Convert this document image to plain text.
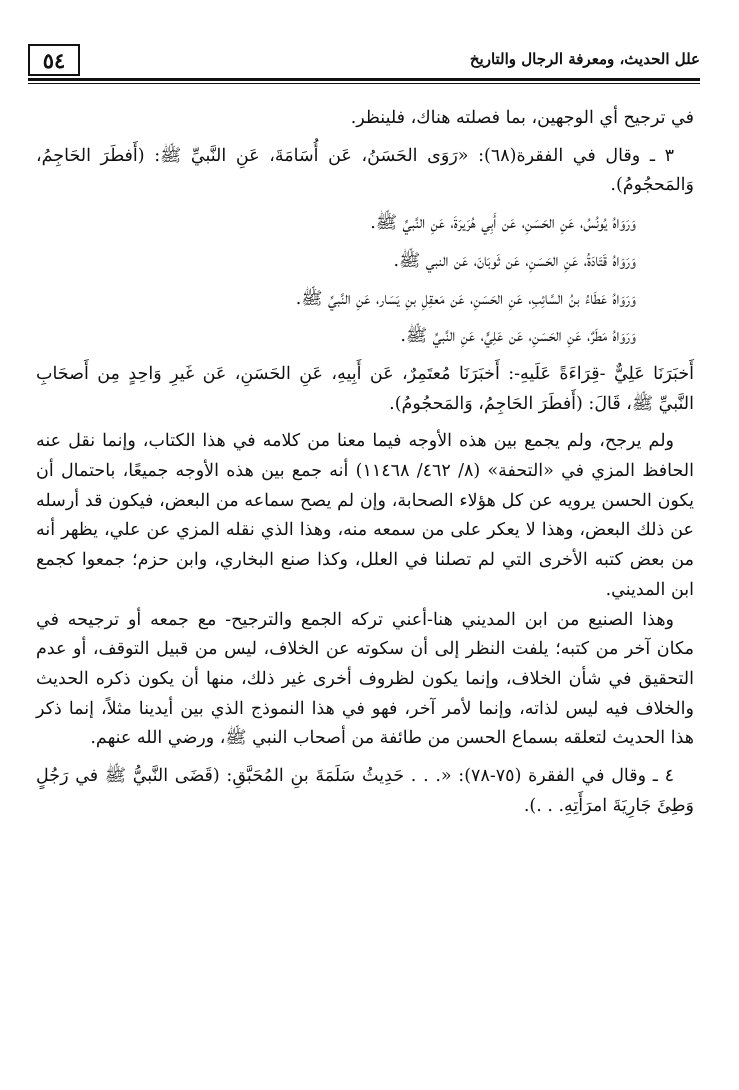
علل الحديث، ومعرفة الرجال والتاريخ
٥٤

في ترجيح أي الوجهين، بما فصلته هناك، فلينظر.

٣ ـ وقال في الفقرة(٦٨): «رَوَى الحَسَنُ، عَن أُسَامَةَ، عَنِ النَّبيِّ ﷺ: (أَفطَرَ الحَاجِمُ، وَالمَحجُومُ).

وَرَوَاهُ يُونُسُ، عَنِ الحَسَنِ، عَن أَبِي هُرَيرَةَ، عَنِ النَّبيِّ ﷺ.

وَرَوَاهُ قَتَادَةُ، عَنِ الحَسَنِ، عَن ثَوبَانَ، عَن النبي ﷺ.

وَرَوَاهُ عَطَاءُ بنُ السَّائِبِ، عَنِ الحَسَنِ، عَن مَعقِلِ بنِ يَسَار، عَنِ النَّبيِّ ﷺ.

وَرَوَاهُ مَطَرٌ، عَنِ الحَسَنِ، عَن عَلِيٍّ، عَنِ النَّبيِّ ﷺ.

أَخبَرَنَا عَلِيٌّ -قِرَاءَةً عَلَيهِ-: أَخبَرَنَا مُعتَمِرٌ، عَن أَبِيهِ، عَنِ الحَسَنِ، عَن غَيرِ وَاحِدٍ مِن أَصحَابِ النَّبيِّ ﷺ، قَالَ: (أَفطَرَ الحَاجِمُ، وَالمَحجُومُ).

ولم يرجح، ولم يجمع بين هذه الأوجه فيما معنا من كلامه في هذا الكتاب، وإنما نقل عنه الحافظ المزي في «التحفة» (٨/ ٤٦٢/ ١١٤٦٨) أنه جمع بين هذه الأوجه جميعًا، باحتمال أن يكون الحسن يرويه عن كل هؤلاء الصحابة، وإن لم يصح سماعه من البعض، فيكون قد أرسله عن ذلك البعض، وهذا لا يعكر على من سمعه منه، وهذا الذي نقله المزي عن علي، يظهر أنه من بعض كتبه الأخرى التي لم تصلنا في العلل، وكذا صنع البخاري، وابن حزم؛ جمعوا كجمع ابن المديني.

وهذا الصنيع من ابن المديني هنا-أعني تركه الجمع والترجيح- مع جمعه أو ترجيحه في مكان آخر من كتبه؛ يلفت النظر إلى أن سكوته عن الخلاف، ليس من قبيل التوقف، أو عدم التحقيق في شأن الخلاف، وإنما يكون لظروف أخرى غير ذلك، منها أن يكون ذكره الحديث والخلاف فيه ليس لذاته، وإنما لأمر آخر، فهو في هذا النموذج الذي بين أيدينا مثلاً، إنما ذكر هذا الحديث لتعلقه بسماع الحسن من طائفة من أصحاب النبي ﷺ، ورضي الله عنهم.

٤ ـ وقال في الفقرة (٧٥-٧٨): «. . . حَدِيثُ سَلَمَةَ بنِ المُحَبَّقِ: (قَضَى النَّبيُّ ﷺ في رَجُلٍ وَطِئَ جَارِيَةَ امرَأَتِهِ. . .).
